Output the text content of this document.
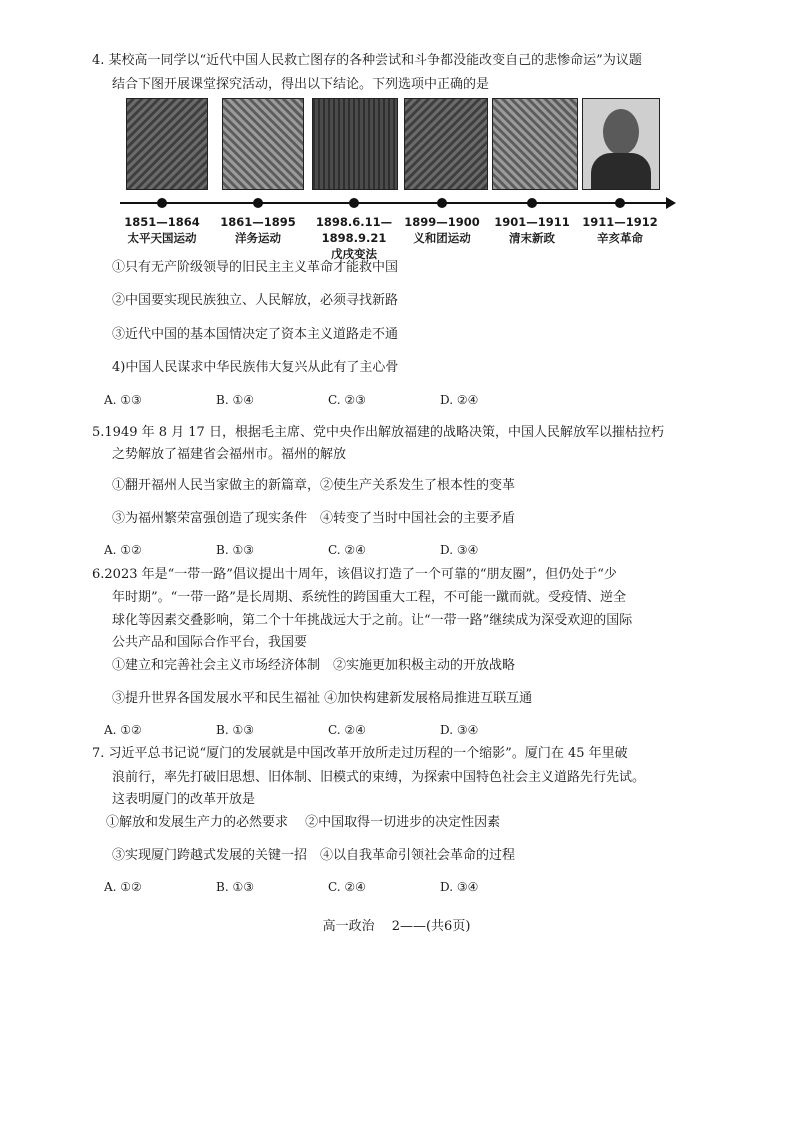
4. 某校高一同学以“近代中国人民救亡图存的各种尝试和斗争都没能改变自己的悲惨命运”为议题
结合下图开展课堂探究活动，得出以下结论。下列选项中正确的是
1851—1864
太平天国运动
1861—1895
洋务运动
1898.6.11—1898.9.21
戊戌变法
1899—1900
义和团运动
1901—1911
清末新政
1911—1912
辛亥革命
①只有无产阶级领导的旧民主主义革命才能救中国
②中国要实现民族独立、人民解放，必须寻找新路
③近代中国的基本国情决定了资本主义道路走不通
4)中国人民谋求中华民族伟大复兴从此有了主心骨
A. ①③	B. ①④	C. ②③	D. ②④
5.1949 年 8 月 17 日，根据毛主席、党中央作出解放福建的战略决策，中国人民解放军以摧枯拉朽
之势解放了福建省会福州市。福州的解放
①翻开福州人民当家做主的新篇章，②使生产关系发生了根本性的变革
③为福州繁荣富强创造了现实条件　④转变了当时中国社会的主要矛盾
A. ①②	B. ①③	C. ②④	D. ③④
6.2023 年是“一带一路”倡议提出十周年，该倡议打造了一个可靠的“朋友圈”，但仍处于“少
年时期”。“一带一路”是长周期、系统性的跨国重大工程，不可能一蹴而就。受疫情、逆全
球化等因素交叠影响，第二个十年挑战远大于之前。让“一带一路”继续成为深受欢迎的国际
公共产品和国际合作平台，我国要
①建立和完善社会主义市场经济体制　②实施更加积极主动的开放战略
③提升世界各国发展水平和民生福祉 ④加快构建新发展格局推进互联互通
A. ①②	B. ①③	C. ②④	D. ③④
7. 习近平总书记说“厦门的发展就是中国改革开放所走过历程的一个缩影”。厦门在 45 年里破
浪前行，率先打破旧思想、旧体制、旧模式的束缚，为探索中国特色社会主义道路先行先试。
这表明厦门的改革开放是
①解放和发展生产力的必然要求　 ②中国取得一切进步的决定性因素
③实现厦门跨越式发展的关键一招　④以自我革命引领社会革命的过程
A. ①②	B. ①③	C. ②④	D. ③④
高一政治　 2——(共6页)
